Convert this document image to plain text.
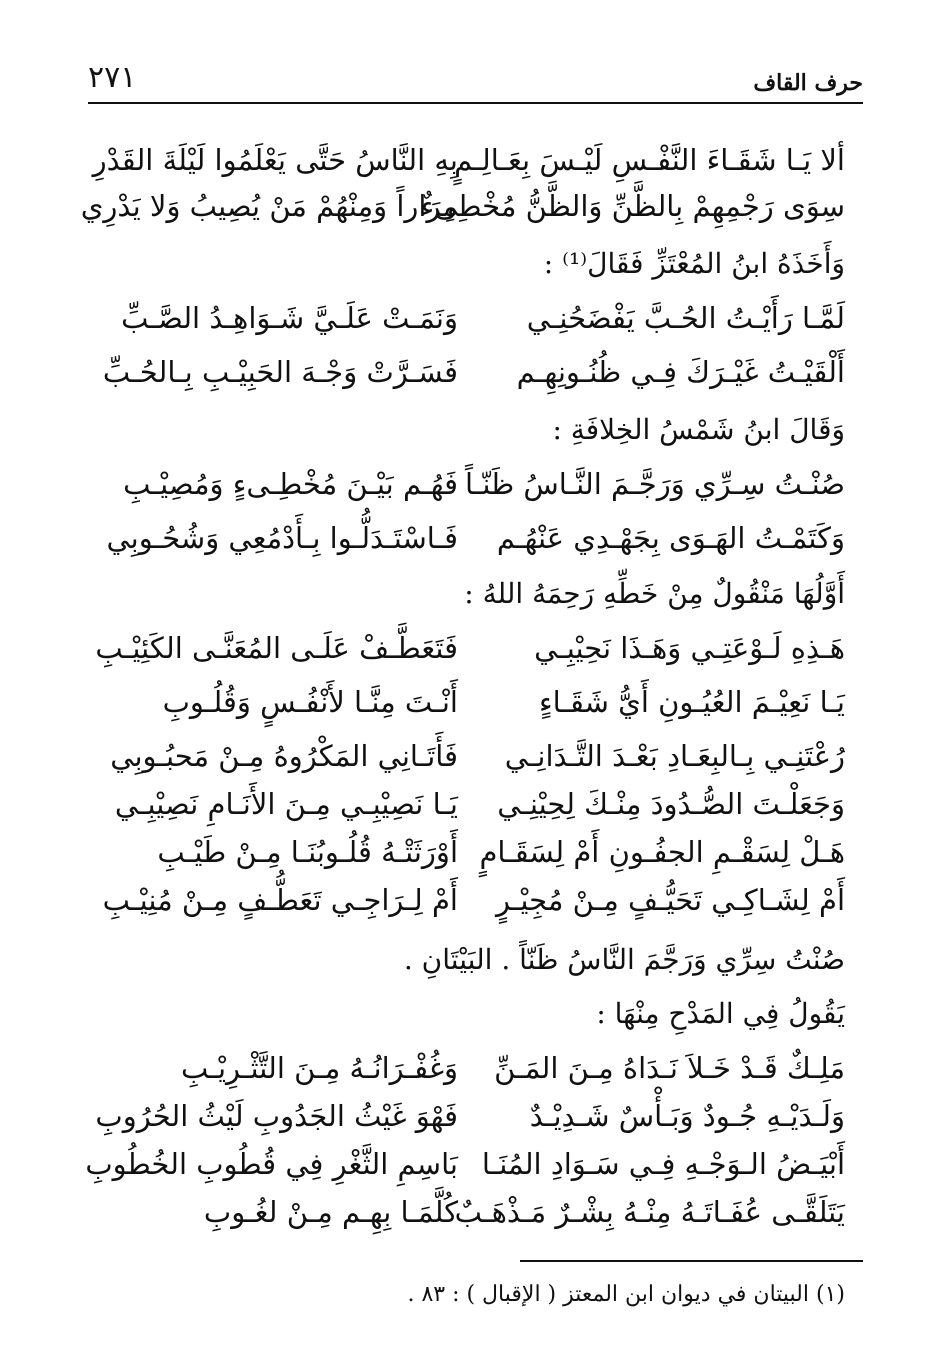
حرف القاف
٢٧١
ألا يَـا شَقَـاءَ النَّفْـسِ لَيْـسَ بِعَـالِـمٍ
بِهِ النَّاسُ حَتَّى يَعْلَمُوا لَيْلَةَ القَدْرِ
سِوَى رَجْمِهِمْ بِالظَّنِّ وَالظَّنُّ مُخْطِىءٌ
مِرَاراً وَمِنْهُمْ مَنْ يُصِيبُ وَلا يَدْرِي
وَأَخَذَهُ ابنُ المُعْتَزِّ فَقَالَ⁽¹⁾ :
لَمَّـا رَأَيْـتُ الحُـبَّ يَفْضَحُنِـي
وَنَمَـتْ عَلَـيَّ شَـوَاهِـدُ الصَّـبِّ
أَلْقَيْـتُ غَيْـرَكَ فِـي ظُنُـونِهِـم
فَسَـرَّتْ وَجْـهَ الحَبِيْـبِ بِـالحُـبِّ
وَقَالَ ابنُ شَمْسُ الخِلافَةِ :
صُنْـتُ سِـرِّي وَرَجَّـمَ النَّـاسُ ظَنّـاً
فَهُـم بَيْـنَ مُخْطِـىءٍ وَمُصِيْـبِ
وَكَتَمْـتُ الهَـوَى بِجَهْـدِي عَنْهُـم
فَـاسْتَـدَلُّـوا بِـأَدْمُعِي وَشُحُـوبِي
أَوَّلُهَا مَنْقُولٌ مِنْ خَطِّهِ رَحِمَهُ اللهُ :
هَـذِهِ لَـوْعَتِـي وَهَـذَا نَحِيْبِـي
فَتَعَطَّـفْ عَلَـى المُعَنَّـى الكَئِيْـبِ
يَـا نَعِيْـمَ العُيُـونِ أَيُّ شَقَـاءٍ
أَنْـتَ مِنَّـا لأَنْفُـسٍ وَقُلُـوبِ
رُعْتَنِـي بِـالبِعَـادِ بَعْـدَ التَّـدَانِـي
فَأَتَـانِي المَكْرُوهُ مِـنْ مَحبُـوبِي
وَجَعَلْـتَ الصُّـدُودَ مِنْـكَ لِحِيْنِـي
يَـا نَصِيْبِـي مِـنَ الأَنَـامِ نَصِيْبِـي
هَـلْ لِسَقْـمِ الجفُـونِ أَمْ لِسَقَـامٍ
أَوْرَثَتْـهُ قُلُـوبُنَـا مِـنْ طَيْـبِ
أَمْ لِشَـاكِـي تَحَيُّـفٍ مِـنْ مُجِيْـرٍ
أَمْ لِـرَاجِـي تَعَطُّـفٍ مِـنْ مُنِيْـبِ
صُنْتُ سِرِّي وَرَجَّمَ النَّاسُ ظَنّاً . البَيْتَانِ .
يَقُولُ فِي المَدْحِ مِنْهَا :
مَلِـكٌ قَـدْ خَـلاَ نَـدَاهُ مِـنَ المَـنِّ
وَغُفْـرَانُـهُ مِـنَ التَّثْـرِيْـبِ
وَلَـدَيْـهِ جُـودٌ وَبَـأْسٌ شَـدِيْـدٌ
فَهْوَ غَيْثُ الجَدُوبِ لَيْثُ الحُرُوبِ
أَبْيَـضُ الـوَجْـهِ فِـي سَـوَادِ المُنَـا
بَاسِمِ الثَّغْرِ فِي قُطُوبِ الخُطُوبِ
يَتَلَقَّـى عُفَـاتَـهُ مِنْـهُ بِشْـرٌ مَـذْهَـبٌ
كُلَّمَـا بِهِـم مِـنْ لغُـوبِ
(١) البيتان في ديوان ابن المعتز ( الإقبال ) : ٨٣ .
